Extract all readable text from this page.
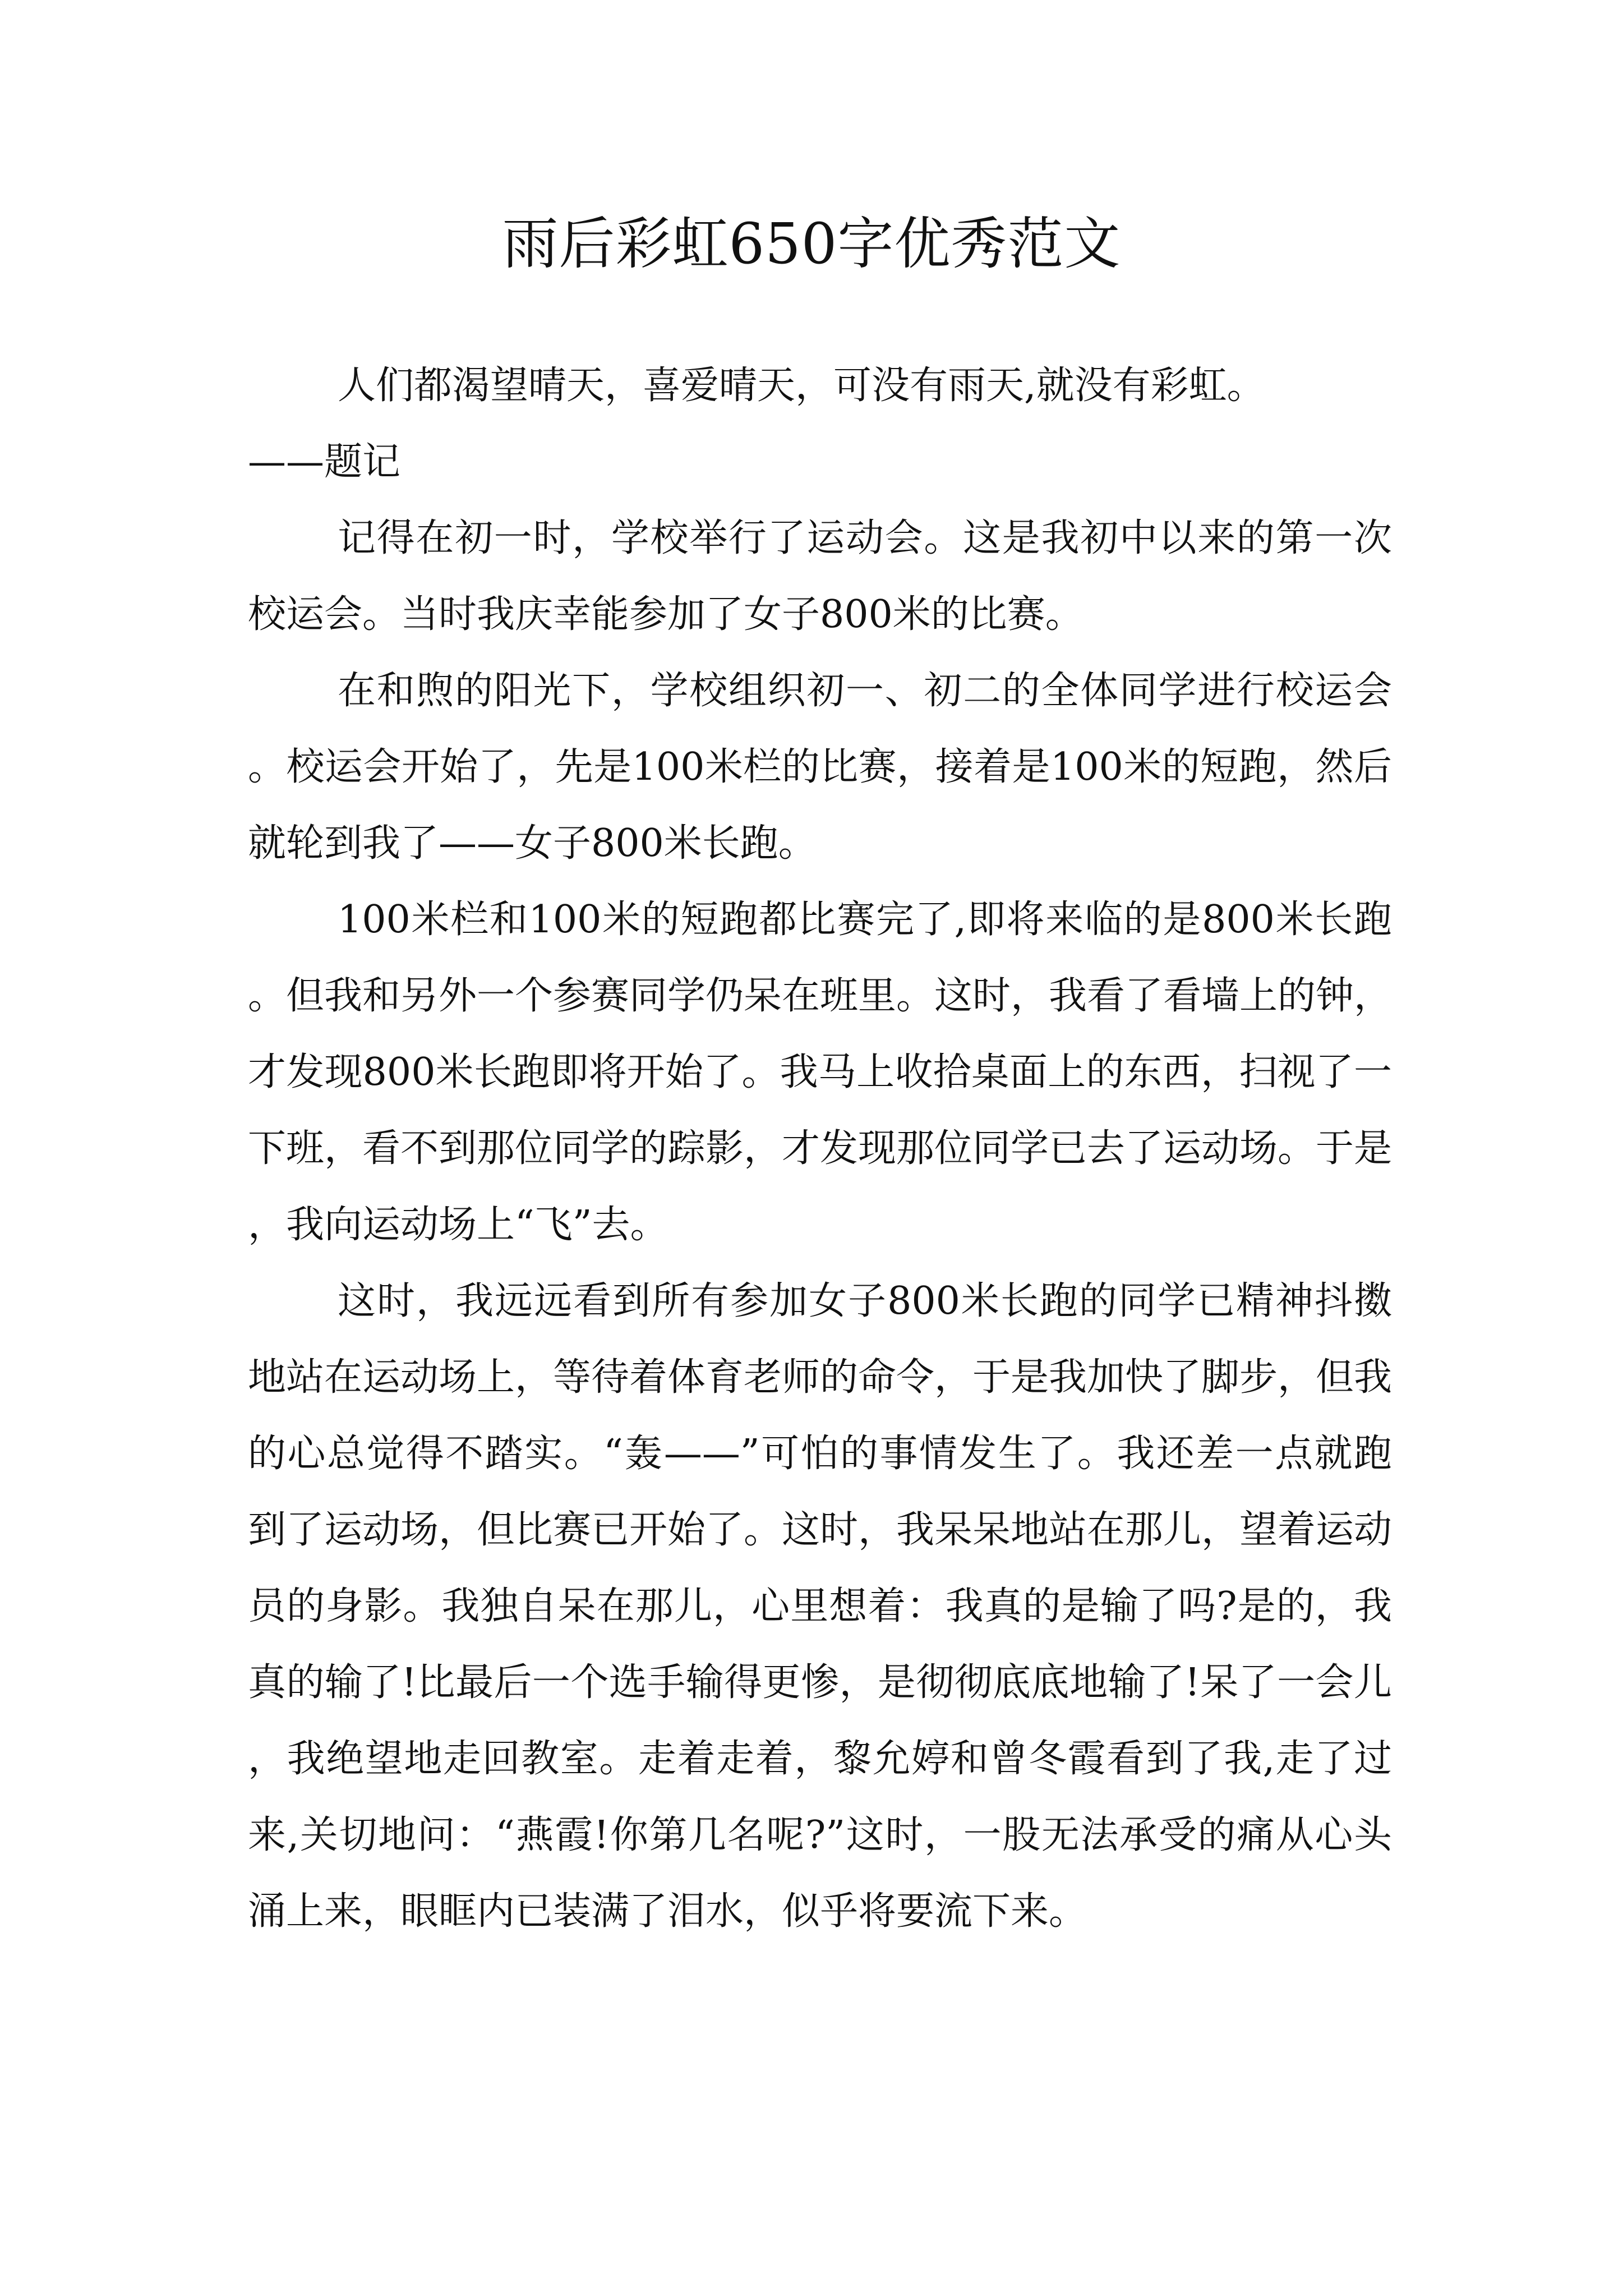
雨后彩虹650字优秀范文

人们都渴望晴天，喜爱晴天，可没有雨天,就没有彩虹。

——题记

记得在初一时，学校举行了运动会。这是我初中以来的第一次校运会。当时我庆幸能参加了女子800米的比赛。

在和煦的阳光下，学校组织初一、初二的全体同学进行校运会。校运会开始了，先是100米栏的比赛，接着是100米的短跑，然后就轮到我了——女子800米长跑。

100米栏和100米的短跑都比赛完了,即将来临的是800米长跑。但我和另外一个参赛同学仍呆在班里。这时，我看了看墙上的钟，才发现800米长跑即将开始了。我马上收拾桌面上的东西，扫视了一下班，看不到那位同学的踪影，才发现那位同学已去了运动场。于是，我向运动场上“飞”去。

这时，我远远看到所有参加女子800米长跑的同学已精神抖擞地站在运动场上，等待着体育老师的命令，于是我加快了脚步，但我的心总觉得不踏实。“轰——”可怕的事情发生了。我还差一点就跑到了运动场，但比赛已开始了。这时，我呆呆地站在那儿，望着运动员的身影。我独自呆在那儿，心里想着：我真的是输了吗?是的，我真的输了!比最后一个选手输得更惨，是彻彻底底地输了!呆了一会儿，我绝望地走回教室。走着走着，黎允婷和曾冬霞看到了我,走了过来,关切地问：“燕霞!你第几名呢?”这时，一股无法承受的痛从心头涌上来，眼眶内已装满了泪水，似乎将要流下来。
